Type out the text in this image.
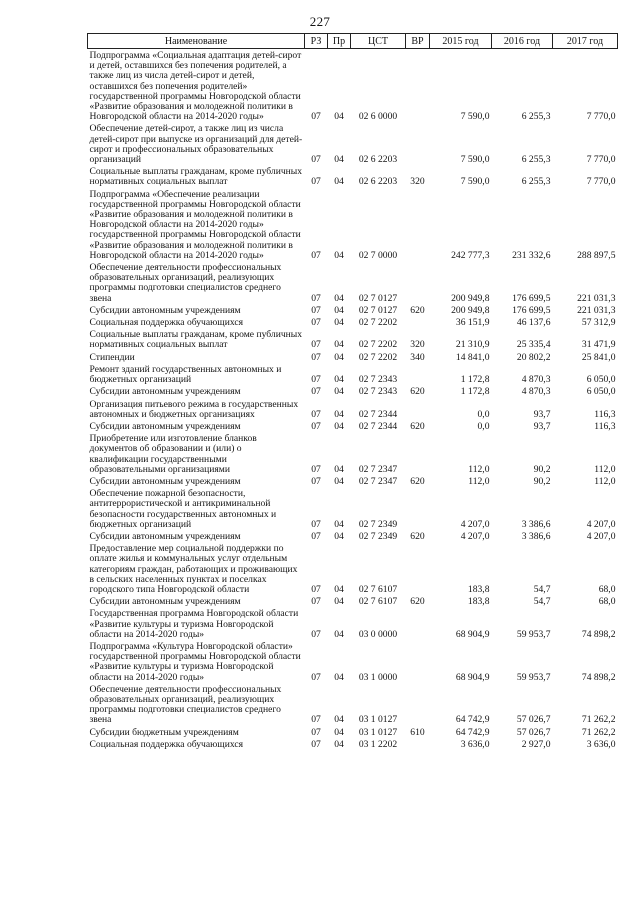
227
Наименование	РЗ	Пр	ЦСТ	ВР	2015 год	2016 год	2017 год
Подпрограмма «Социальная адаптация детей-сирот и детей, оставшихся без попечения родителей, а также лиц из числа детей-сирот и детей, оставшихся без попечения родителей» государственной программы Новгородской области «Развитие образования и молодежной политики в Новгородской области на 2014-2020 годы»	07	04	02 6 0000		7 590,0	6 255,3	7 770,0
Обеспечение детей-сирот, а также лиц из числа детей-сирот при выпуске из организаций для детей-сирот и профессиональных образовательных организаций	07	04	02 6 2203		7 590,0	6 255,3	7 770,0
Социальные выплаты гражданам, кроме публичных нормативных социальных выплат	07	04	02 6 2203	320	7 590,0	6 255,3	7 770,0
Подпрограмма «Обеспечение реализации государственной программы Новгородской области «Развитие образования и молодежной политики в Новгородской области на 2014-2020 годы» государственной программы Новгородской области «Развитие образования и молодежной политики в Новгородской области на 2014-2020 годы»	07	04	02 7 0000		242 777,3	231 332,6	288 897,5
Обеспечение деятельности профессиональных образовательных организаций, реализующих программы подготовки специалистов среднего звена	07	04	02 7 0127		200 949,8	176 699,5	221 031,3
Субсидии автономным учреждениям	07	04	02 7 0127	620	200 949,8	176 699,5	221 031,3
Социальная поддержка обучающихся	07	04	02 7 2202		36 151,9	46 137,6	57 312,9
Социальные выплаты гражданам, кроме публичных нормативных социальных выплат	07	04	02 7 2202	320	21 310,9	25 335,4	31 471,9
Стипендии	07	04	02 7 2202	340	14 841,0	20 802,2	25 841,0
Ремонт зданий государственных автономных и бюджетных организаций	07	04	02 7 2343		1 172,8	4 870,3	6 050,0
Субсидии автономным учреждениям	07	04	02 7 2343	620	1 172,8	4 870,3	6 050,0
Организация питьевого режима в государственных автономных и бюджетных организациях	07	04	02 7 2344		0,0	93,7	116,3
Субсидии автономным учреждениям	07	04	02 7 2344	620	0,0	93,7	116,3
Приобретение или изготовление бланков документов об образовании и (или) о квалификации государственными образовательными организациями	07	04	02 7 2347		112,0	90,2	112,0
Субсидии автономным учреждениям	07	04	02 7 2347	620	112,0	90,2	112,0
Обеспечение пожарной безопасности, антитеррористической и антикриминальной безопасности государственных автономных и бюджетных организаций	07	04	02 7 2349		4 207,0	3 386,6	4 207,0
Субсидии автономным учреждениям	07	04	02 7 2349	620	4 207,0	3 386,6	4 207,0
Предоставление мер социальной поддержки по оплате жилья и коммунальных услуг отдельным категориям граждан, работающих и проживающих в сельских населенных пунктах и поселках городского типа Новгородской области	07	04	02 7 6107		183,8	54,7	68,0
Субсидии автономным учреждениям	07	04	02 7 6107	620	183,8	54,7	68,0
Государственная программа Новгородской области «Развитие культуры и туризма Новгородской области на 2014-2020 годы»	07	04	03 0 0000		68 904,9	59 953,7	74 898,2
Подпрограмма «Культура Новгородской области» государственной программы Новгородской области «Развитие культуры и туризма Новгородской области на 2014-2020 годы»	07	04	03 1 0000		68 904,9	59 953,7	74 898,2
Обеспечение деятельности профессиональных образовательных организаций, реализующих программы подготовки специалистов среднего звена	07	04	03 1 0127		64 742,9	57 026,7	71 262,2
Субсидии бюджетным учреждениям	07	04	03 1 0127	610	64 742,9	57 026,7	71 262,2
Социальная поддержка обучающихся	07	04	03 1 2202		3 636,0	2 927,0	3 636,0
